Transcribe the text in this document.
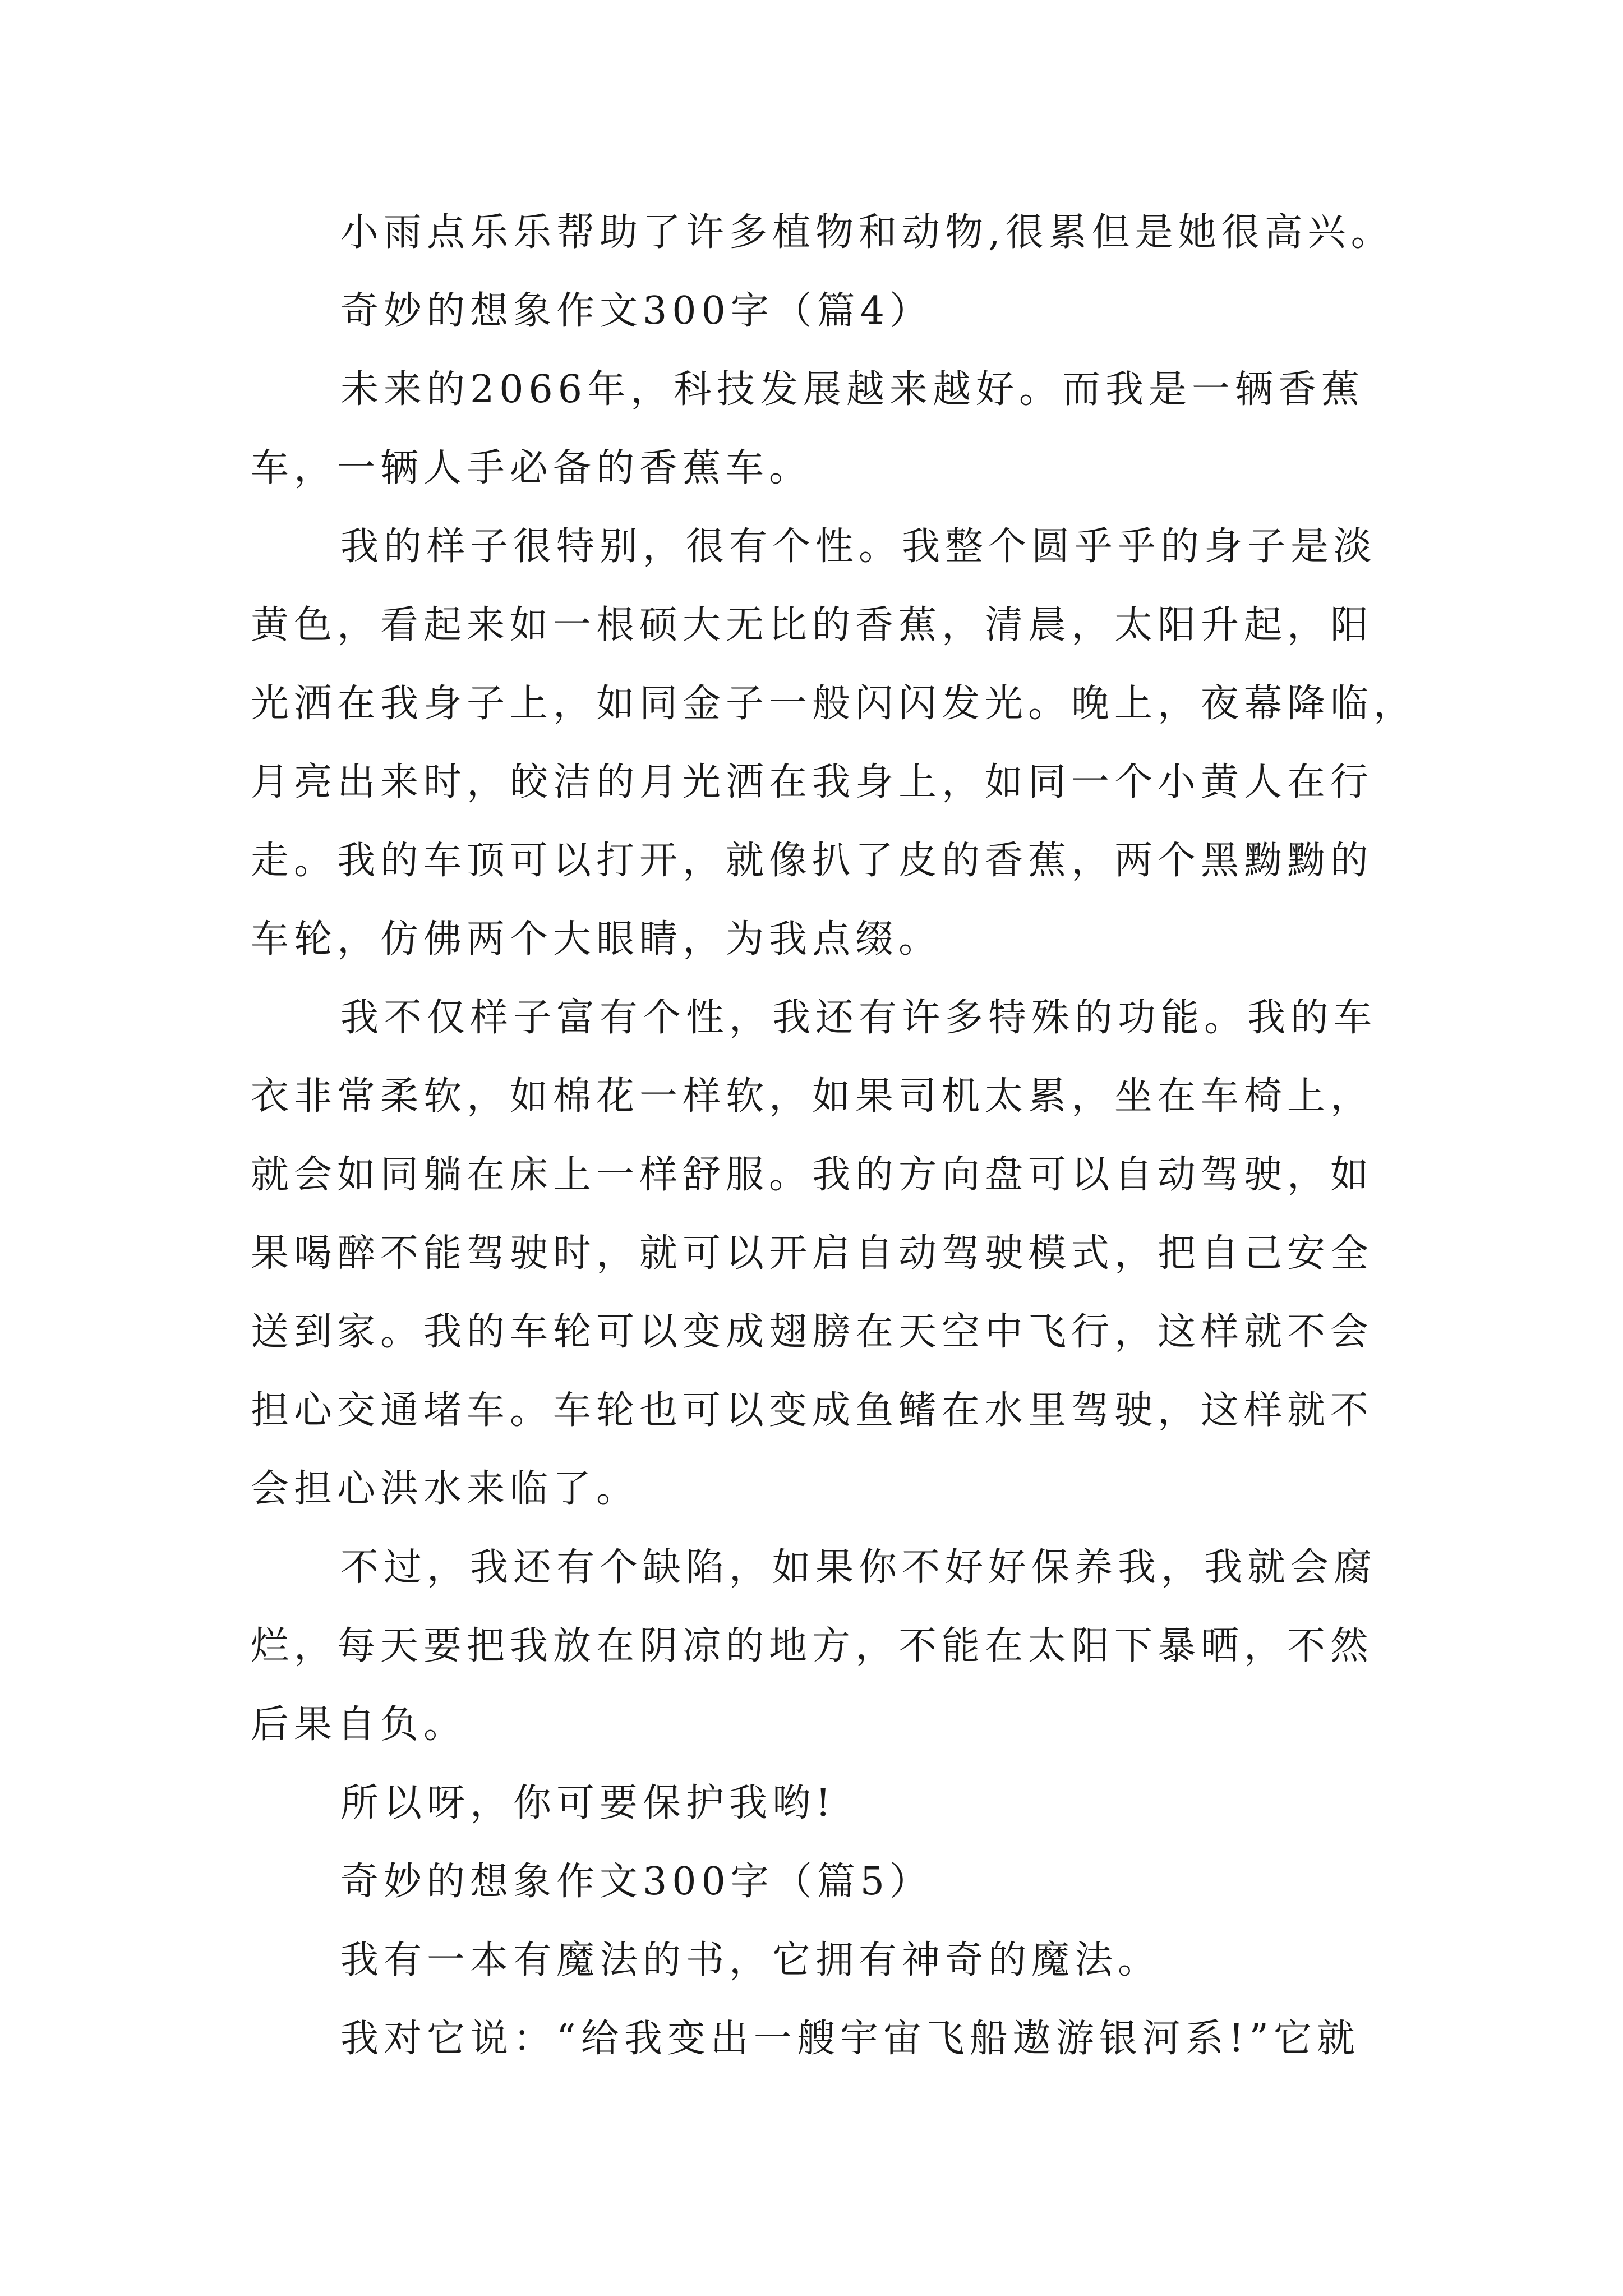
小雨点乐乐帮助了许多植物和动物,很累但是她很高兴。
奇妙的想象作文300字（篇4）
未来的2066年，科技发展越来越好。而我是一辆香蕉
车，一辆人手必备的香蕉车。
我的样子很特别，很有个性。我整个圆乎乎的身子是淡
黄色，看起来如一根硕大无比的香蕉，清晨，太阳升起，阳
光洒在我身子上，如同金子一般闪闪发光。晚上，夜幕降临，
月亮出来时，皎洁的月光洒在我身上，如同一个小黄人在行
走。我的车顶可以打开，就像扒了皮的香蕉，两个黑黝黝的
车轮，仿佛两个大眼睛，为我点缀。
我不仅样子富有个性，我还有许多特殊的功能。我的车
衣非常柔软，如棉花一样软，如果司机太累，坐在车椅上，
就会如同躺在床上一样舒服。我的方向盘可以自动驾驶，如
果喝醉不能驾驶时，就可以开启自动驾驶模式，把自己安全
送到家。我的车轮可以变成翅膀在天空中飞行，这样就不会
担心交通堵车。车轮也可以变成鱼鳍在水里驾驶，这样就不
会担心洪水来临了。
不过，我还有个缺陷，如果你不好好保养我，我就会腐
烂，每天要把我放在阴凉的地方，不能在太阳下暴晒，不然
后果自负。
所以呀，你可要保护我哟!
奇妙的想象作文300字（篇5）
我有一本有魔法的书，它拥有神奇的魔法。
我对它说：“给我变出一艘宇宙飞船遨游银河系!”它就
